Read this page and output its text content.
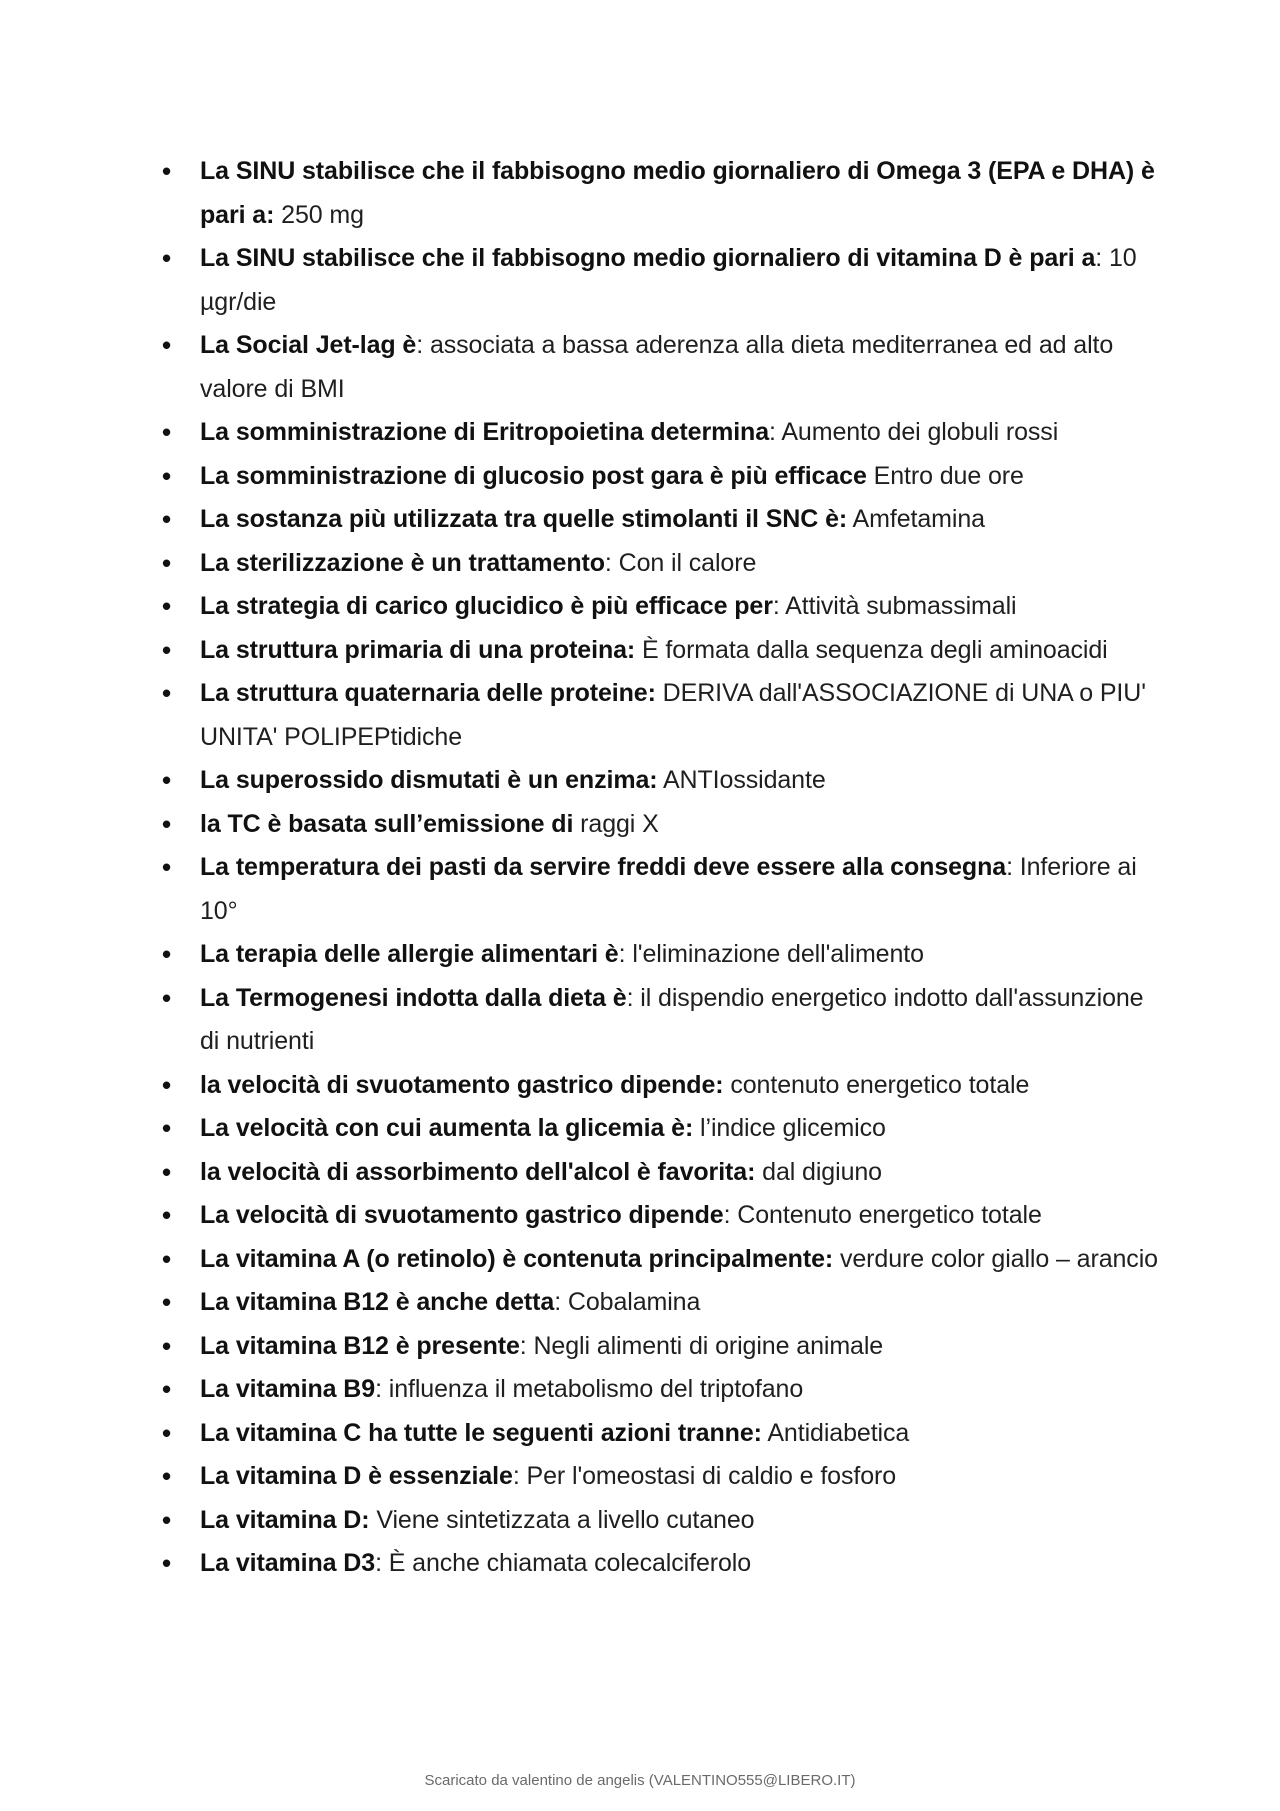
• La SINU stabilisce che il fabbisogno medio giornaliero di Omega 3 (EPA e DHA) è pari a: 250 mg
• La SINU stabilisce che il fabbisogno medio giornaliero di vitamina D è pari a: 10 µgr/die
• La Social Jet-lag è: associata a bassa aderenza alla dieta mediterranea ed ad alto valore di BMI
• La somministrazione di Eritropoietina determina: Aumento dei globuli rossi
• La somministrazione di glucosio post gara è più efficace Entro due ore
• La sostanza più utilizzata tra quelle stimolanti il SNC è: Amfetamina
• La sterilizzazione è un trattamento: Con il calore
• La strategia di carico glucidico è più efficace per: Attività submassimali
• La struttura primaria di una proteina: È formata dalla sequenza degli aminoacidi
• La struttura quaternaria delle proteine: DERIVA dall'ASSOCIAZIONE di UNA o PIU' UNITA' POLIPEPtidiche
• La superossido dismutati è un enzima: ANTIossidante
• la TC è basata sull’emissione di raggi X
• La temperatura dei pasti da servire freddi deve essere alla consegna: Inferiore ai 10°
• La terapia delle allergie alimentari è: l'eliminazione dell'alimento
• La Termogenesi indotta dalla dieta è: il dispendio energetico indotto dall'assunzione di nutrienti
• la velocità di svuotamento gastrico dipende: contenuto energetico totale
• La velocità con cui aumenta la glicemia è: l’indice glicemico
• la velocità di assorbimento dell'alcol è favorita: dal digiuno
• La velocità di svuotamento gastrico dipende: Contenuto energetico totale
• La vitamina A (o retinolo) è contenuta principalmente: verdure color giallo – arancio
• La vitamina B12 è anche detta: Cobalamina
• La vitamina B12 è presente: Negli alimenti di origine animale
• La vitamina B9: influenza il metabolismo del triptofano
• La vitamina C ha tutte le seguenti azioni tranne: Antidiabetica
• La vitamina D è essenziale: Per l'omeostasi di caldio e fosforo
• La vitamina D: Viene sintetizzata a livello cutaneo
• La vitamina D3: È anche chiamata colecalciferolo
Scaricato da valentino de angelis (VALENTINO555@LIBERO.IT)
